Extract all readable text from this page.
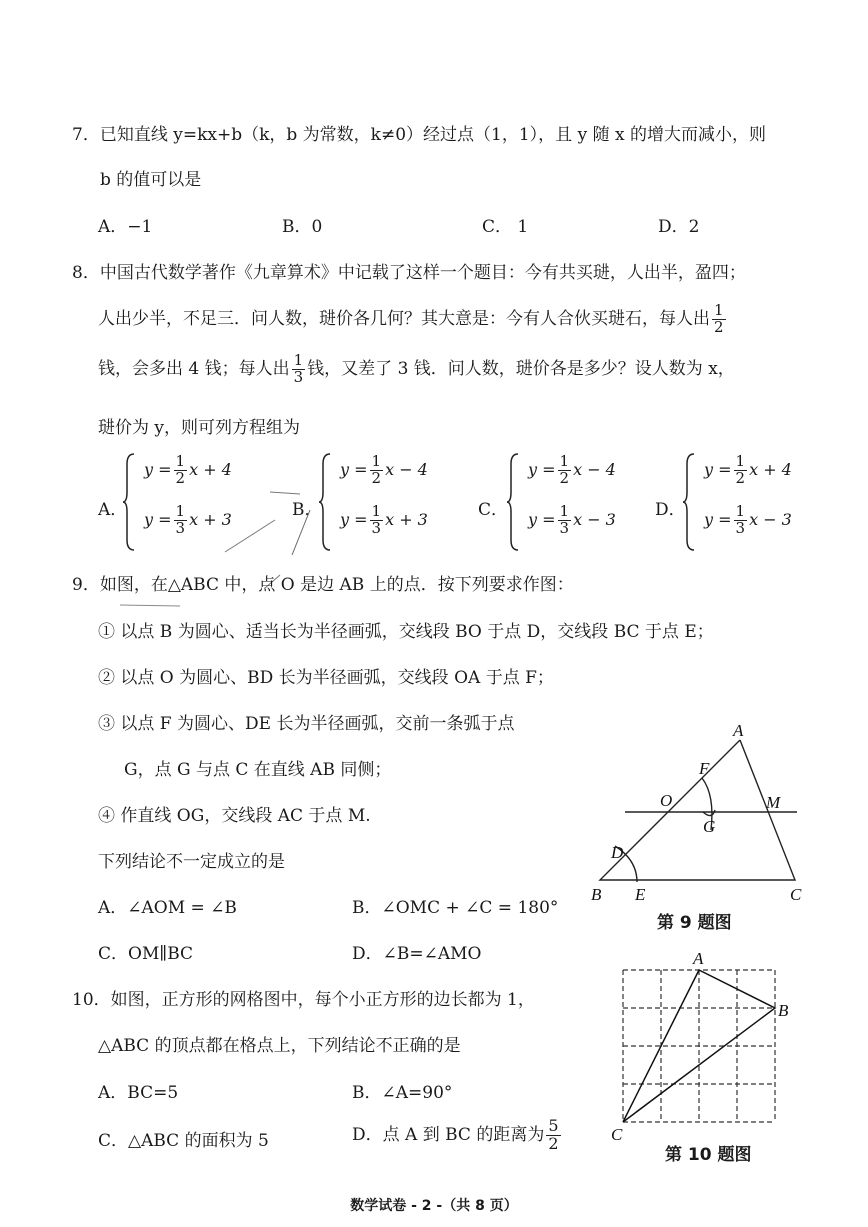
7．已知直线 y=kx+b（k，b 为常数，k≠0）经过点（1，1），且 y 随 x 的增大而减小，则
b 的值可以是
A．−1	B．0	C． 1	D．2
8．中国古代数学著作《九章算术》中记载了这样一个题目：今有共买琎，人出半，盈四；
人出少半，不足三．问人数，琎价各几何？其大意是：今有人合伙买琎石，每人出 $\frac{1}{2}$
钱，会多出 4 钱；每人出 $\frac{1}{3}$ 钱，又差了 3 钱．问人数，琎价各是多少？设人数为 x，
琎价为 y，则可列方程组为
A．
$y = \frac{1}{2}$ x + 4
$y = \frac{1}{3}$ x + 3	B．
$y = \frac{1}{2}$ x − 4
$y = \frac{1}{3}$ x + 3	C．
$y = \frac{1}{2}$ x − 4
$y = \frac{1}{3}$ x − 3 D．
$y = \frac{1}{2}$ x + 4
$y = \frac{1}{3}$ x − 3
9．如图，在△ABC 中，点 O 是边 AB 上的点．按下列要求作图：
① 以点 B 为圆心、适当长为半径画弧，交线段 BO 于点 D，交线段 BC 于点 E；
② 以点 O 为圆心、BD 长为半径画弧，交线段 OA 于点 F；
③ 以点 F 为圆心、DE 长为半径画弧，交前一条弧于点
G，点 G 与点 C 在直线 AB 同侧；
④ 作直线 OG，交线段 AC 于点 M.
下列结论不一定成立的是
A．∠AOM = ∠B	B．∠OMC + ∠C = 180°
C．OM∥BC	D．∠B=∠AMO
A
F
O	M
G
D
B E	C
第 9 题图
10．如图，正方形的网格图中，每个小正方形的边长都为 1，
△ABC 的顶点都在格点上，下列结论不正确的是
A．BC=5	B．∠A=90°
C．△ABC 的面积为 5	D．点 A 到 BC 的距离为 $\frac{5}{2}$
A
B
C
第 10 题图
数学试卷 - 2 -（共 8 页）
